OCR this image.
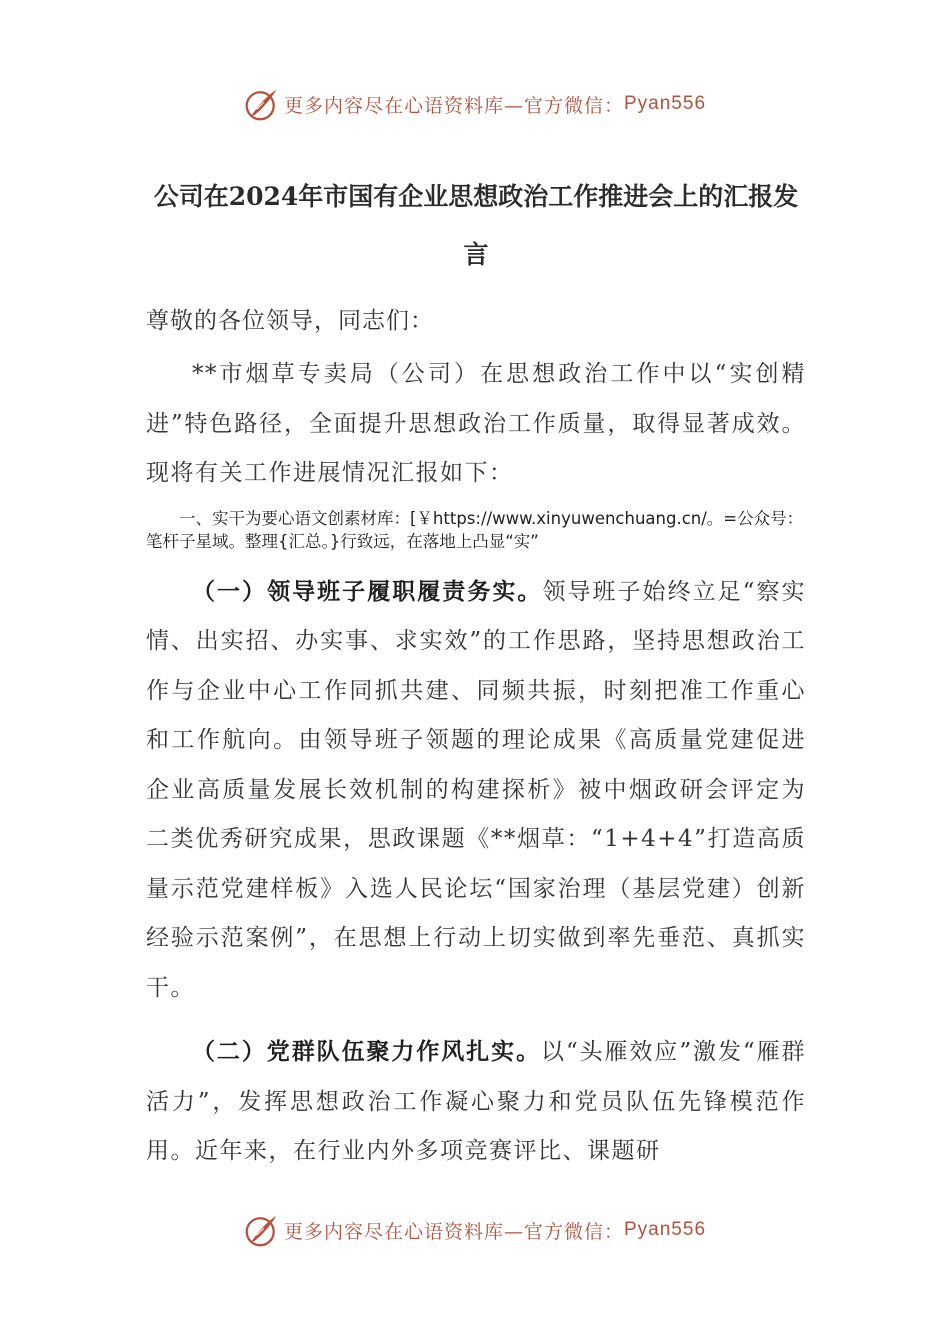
更多内容尽在心语资料库—官方微信： Pyan556

公司在2024年市国有企业思想政治工作推进会上的汇报发言

尊敬的各位领导，同志们：

**市烟草专卖局（公司）在思想政治工作中以“实创精进”特色路径，全面提升思想政治工作质量，取得显著成效。现将有关工作进展情况汇报如下：

一、实干为要心语文创素材库：[￥https://www.xinyuwenchuang.cn/。=公众号：笔杆子星域。整理{汇总。}行致远，在落地上凸显“实”

（一）领导班子履职履责务实。领导班子始终立足“察实情、出实招、办实事、求实效”的工作思路，坚持思想政治工作与企业中心工作同抓共建、同频共振，时刻把准工作重心和工作航向。由领导班子领题的理论成果《高质量党建促进企业高质量发展长效机制的构建探析》被中烟政研会评定为二类优秀研究成果，思政课题《**烟草：“1+4+4”打造高质量示范党建样板》入选人民论坛“国家治理（基层党建）创新经验示范案例”，在思想上行动上切实做到率先垂范、真抓实干。

（二）党群队伍聚力作风扎实。以“头雁效应”激发“雁群活力”，发挥思想政治工作凝心聚力和党员队伍先锋模范作用。近年来，在行业内外多项竞赛评比、课题研

更多内容尽在心语资料库—官方微信： Pyan556
